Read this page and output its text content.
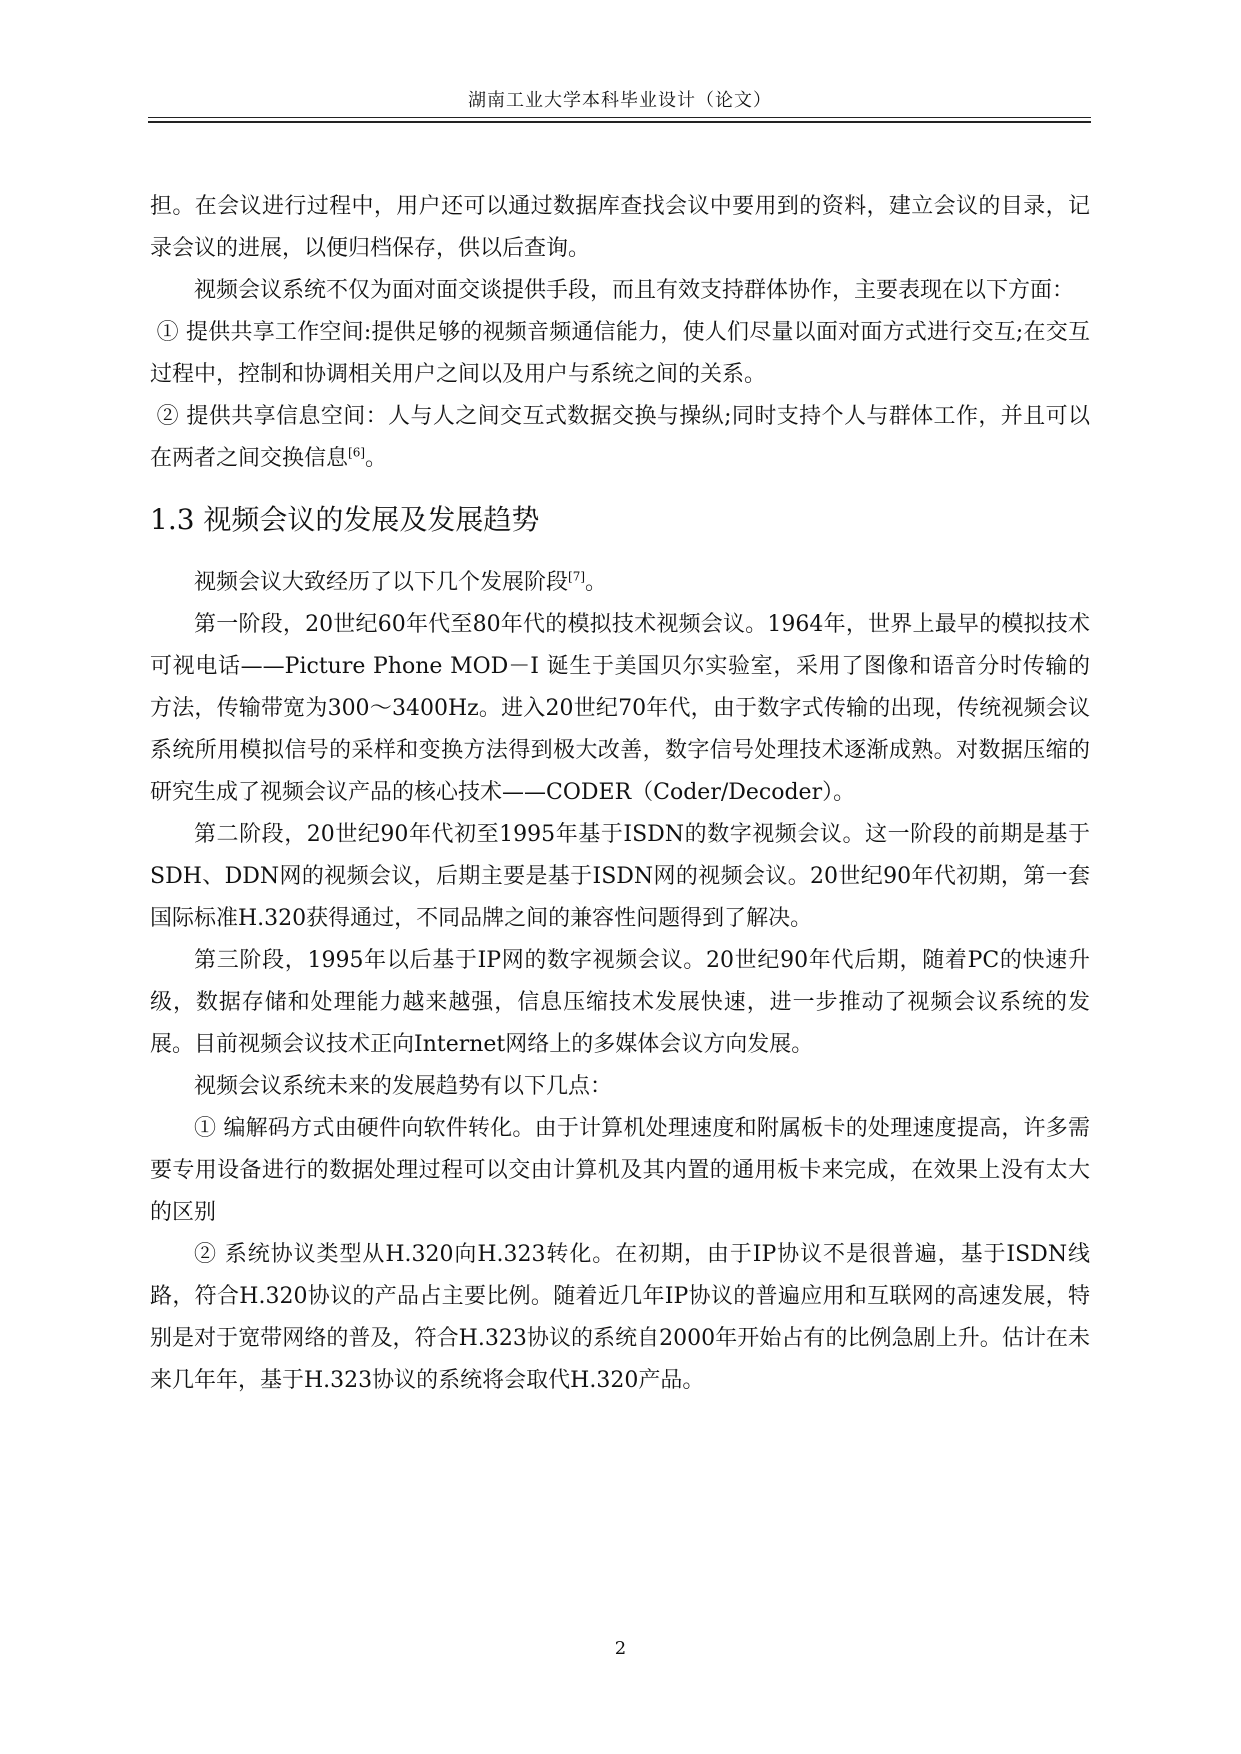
湖南工业大学本科毕业设计（论文）

担。在会议进行过程中，用户还可以通过数据库查找会议中要用到的资料，建立会议的目录，记录会议的进展，以便归档保存，供以后查询。

视频会议系统不仅为面对面交谈提供手段，而且有效支持群体协作，主要表现在以下方面：

① 提供共享工作空间:提供足够的视频音频通信能力，使人们尽量以面对面方式进行交互;在交互过程中，控制和协调相关用户之间以及用户与系统之间的关系。

② 提供共享信息空间：人与人之间交互式数据交换与操纵;同时支持个人与群体工作，并且可以在两者之间交换信息[6]。

1.3 视频会议的发展及发展趋势

视频会议大致经历了以下几个发展阶段[7]。

第一阶段，20世纪60年代至80年代的模拟技术视频会议。1964年，世界上最早的模拟技术可视电话——Picture Phone MOD－I 诞生于美国贝尔实验室，采用了图像和语音分时传输的方法，传输带宽为300～3400Hz。进入20世纪70年代，由于数字式传输的出现，传统视频会议系统所用模拟信号的采样和变换方法得到极大改善，数字信号处理技术逐渐成熟。对数据压缩的研究生成了视频会议产品的核心技术——CODER（Coder/Decoder）。

第二阶段，20世纪90年代初至1995年基于ISDN的数字视频会议。这一阶段的前期是基于SDH、DDN网的视频会议，后期主要是基于ISDN网的视频会议。20世纪90年代初期，第一套国际标准H.320获得通过，不同品牌之间的兼容性问题得到了解决。

第三阶段，1995年以后基于IP网的数字视频会议。20世纪90年代后期，随着PC的快速升级，数据存储和处理能力越来越强，信息压缩技术发展快速，进一步推动了视频会议系统的发展。目前视频会议技术正向Internet网络上的多媒体会议方向发展。

视频会议系统未来的发展趋势有以下几点：

① 编解码方式由硬件向软件转化。由于计算机处理速度和附属板卡的处理速度提高，许多需要专用设备进行的数据处理过程可以交由计算机及其内置的通用板卡来完成，在效果上没有太大的区别

② 系统协议类型从H.320向H.323转化。在初期，由于IP协议不是很普遍，基于ISDN线路，符合H.320协议的产品占主要比例。随着近几年IP协议的普遍应用和互联网的高速发展，特别是对于宽带网络的普及，符合H.323协议的系统自2000年开始占有的比例急剧上升。估计在未来几年年，基于H.323协议的系统将会取代H.320产品。

2
